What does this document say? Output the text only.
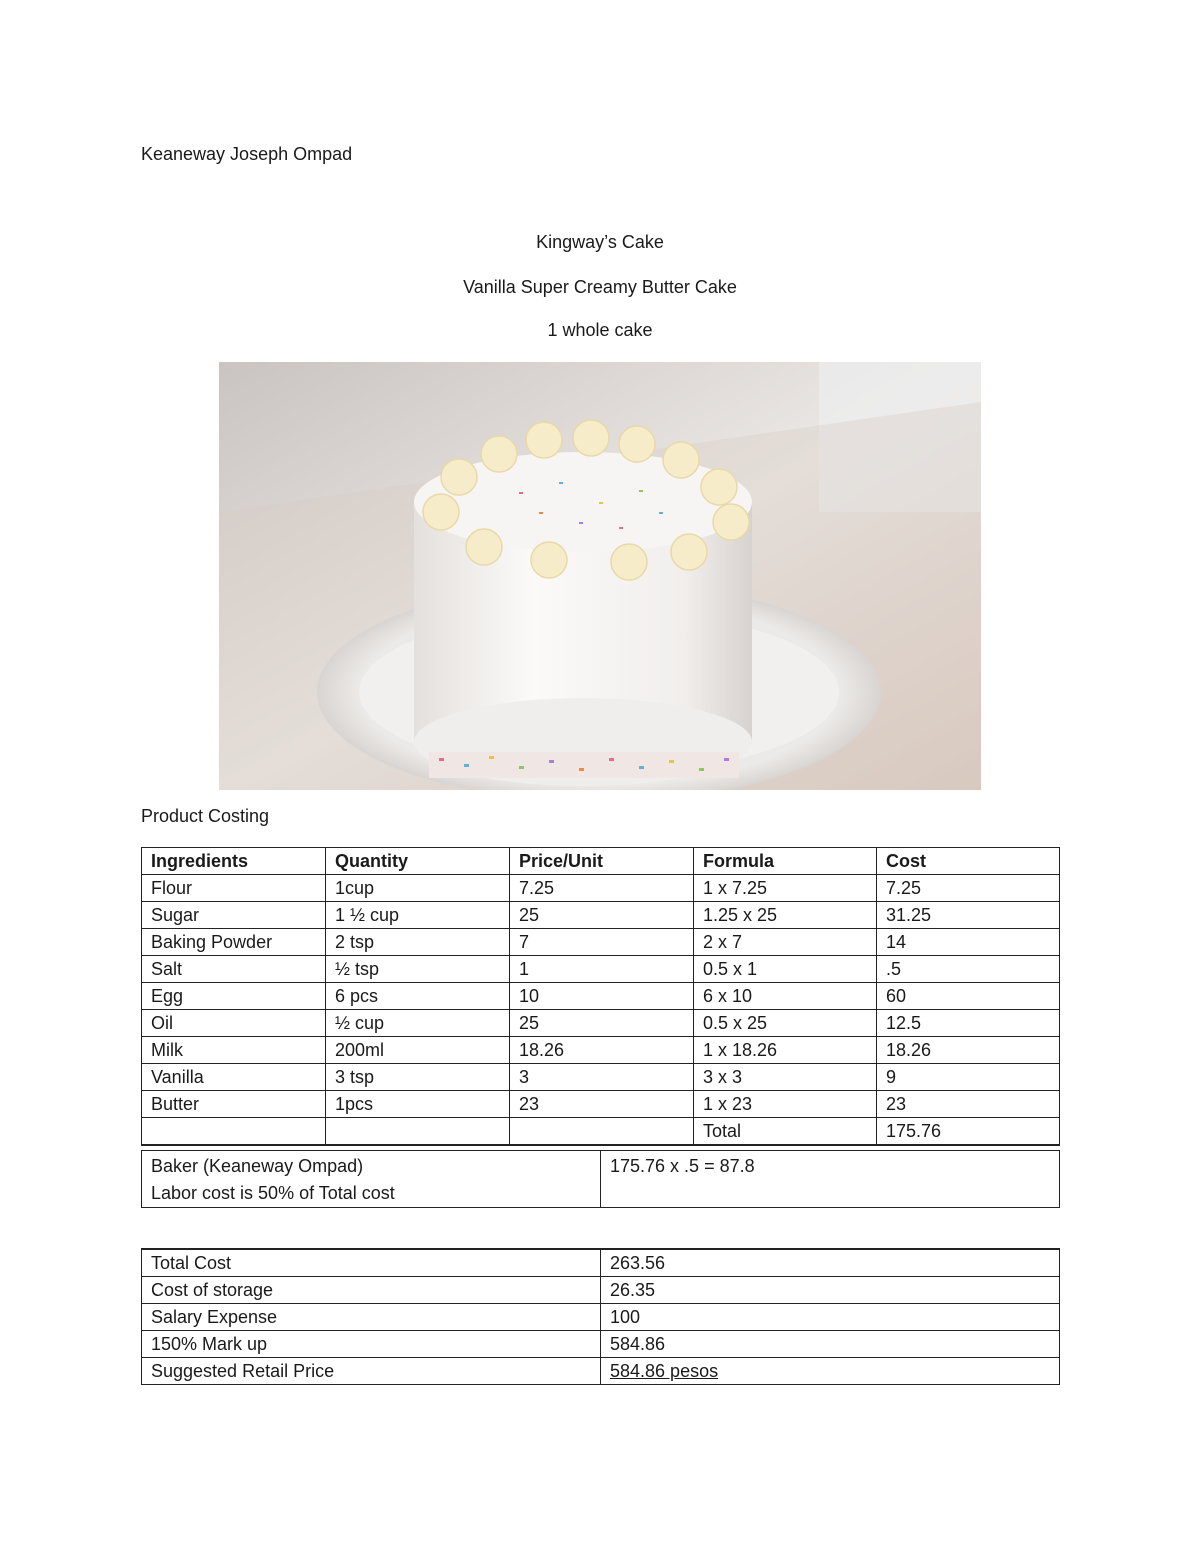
Keaneway Joseph Ompad
Kingway’s Cake
Vanilla Super Creamy Butter Cake
1 whole cake
Product Costing
Ingredients	Quantity	Price/Unit	Formula	Cost
Flour	1cup	7.25	1 x 7.25	7.25
Sugar	1 ½ cup	25	1.25 x 25	31.25
Baking Powder	2 tsp	7	2 x 7	14
Salt	½ tsp	1	0.5 x 1	.5
Egg	6 pcs	10	6 x 10	60
Oil	½ cup	25	0.5 x 25	12.5
Milk	200ml	18.26	1 x 18.26	18.26
Vanilla	3 tsp	3	3 x 3	9
Butter	1pcs	23	1 x 23	23
			Total	175.76
Baker (Keaneway Ompad)
Labor cost is 50% of Total cost
	175.76 x .5 = 87.8
Total Cost	263.56
Cost of storage	26.35
Salary Expense	100
150% Mark up	584.86
Suggested Retail Price	584.86 pesos
